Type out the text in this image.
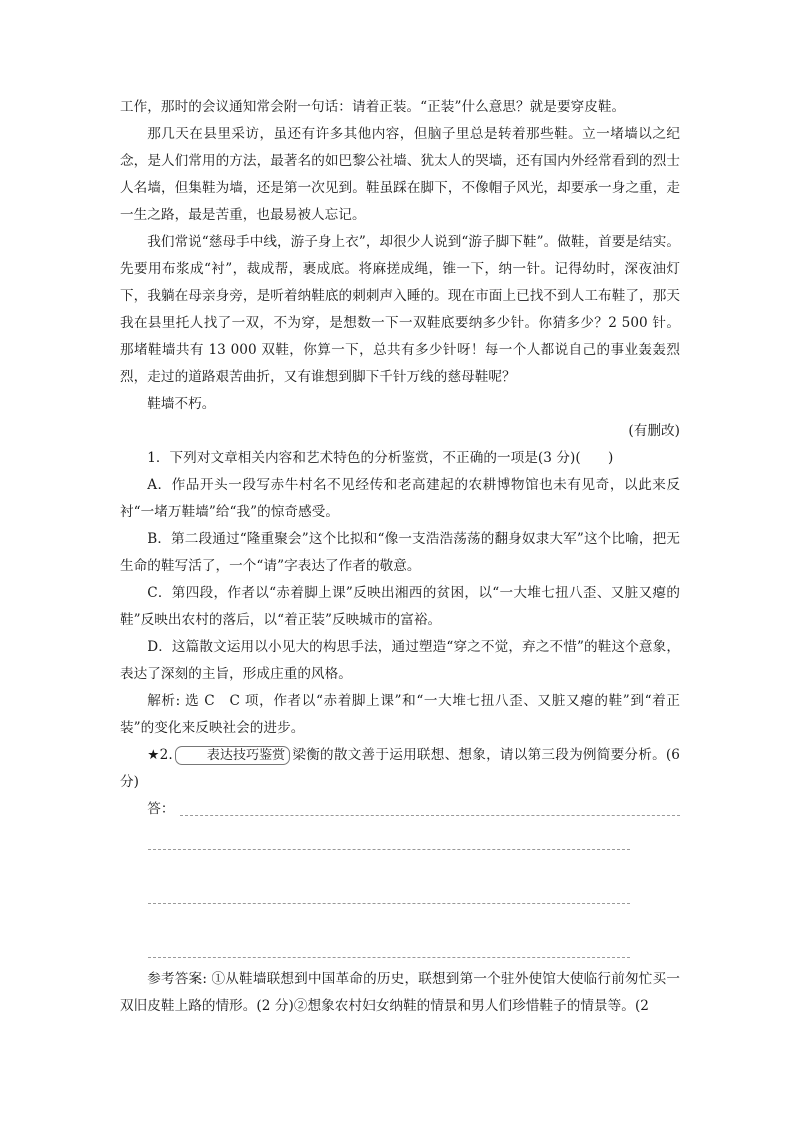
工作，那时的会议通知常会附一句话：请着正装。“正装”什么意思？就是要穿皮鞋。

那几天在县里采访，虽还有许多其他内容，但脑子里总是转着那些鞋。立一堵墙以之纪念，是人们常用的方法，最著名的如巴黎公社墙、犹太人的哭墙，还有国内外经常看到的烈士人名墙，但集鞋为墙，还是第一次见到。鞋虽踩在脚下，不像帽子风光，却要承一身之重，走一生之路，最是苦重，也最易被人忘记。

我们常说“慈母手中线，游子身上衣”，却很少人说到“游子脚下鞋”。做鞋，首要是结实。先要用布浆成“衬”，裁成帮，裹成底。将麻搓成绳，锥一下，纳一针。记得幼时，深夜油灯下，我躺在母亲身旁，是听着纳鞋底的刺刺声入睡的。现在市面上已找不到人工布鞋了，那天我在县里托人找了一双，不为穿，是想数一下一双鞋底要纳多少针。你猜多少？2 500 针。那堵鞋墙共有 13 000 双鞋，你算一下，总共有多少针呀！每一个人都说自己的事业轰轰烈烈，走过的道路艰苦曲折，又有谁想到脚下千针万线的慈母鞋呢？

鞋墙不朽。

(有删改)

1．下列对文章相关内容和艺术特色的分析鉴赏，不正确的一项是(3 分)(　　)

A．作品开头一段写赤牛村名不见经传和老高建起的农耕博物馆也未有见奇，以此来反衬“一堵万鞋墙”给“我”的惊奇感受。

B．第二段通过“隆重聚会”这个比拟和“像一支浩浩荡荡的翻身奴隶大军”这个比喻，把无生命的鞋写活了，一个“请”字表达了作者的敬意。

C．第四段，作者以“赤着脚上课”反映出湘西的贫困，以“一大堆七扭八歪、又脏又瘪的鞋”反映出农村的落后，以“着正装”反映城市的富裕。

D．这篇散文运用以小见大的构思手法，通过塑造“穿之不觉，弃之不惜”的鞋这个意象，表达了深刻的主旨，形成庄重的风格。

解析: 选 C　C 项，作者以“赤着脚上课”和“一大堆七扭八歪、又脏又瘪的鞋”到“着正装”的变化来反映社会的进步。

★2.	表达技巧鉴赏 梁衡的散文善于运用联想、想象，请以第三段为例简要分析。(6 分)

答：

参考答案: ①从鞋墙联想到中国革命的历史，联想到第一个驻外使馆大使临行前匆忙买一双旧皮鞋上路的情形。(2 分)②想象农村妇女纳鞋的情景和男人们珍惜鞋子的情景等。(2
